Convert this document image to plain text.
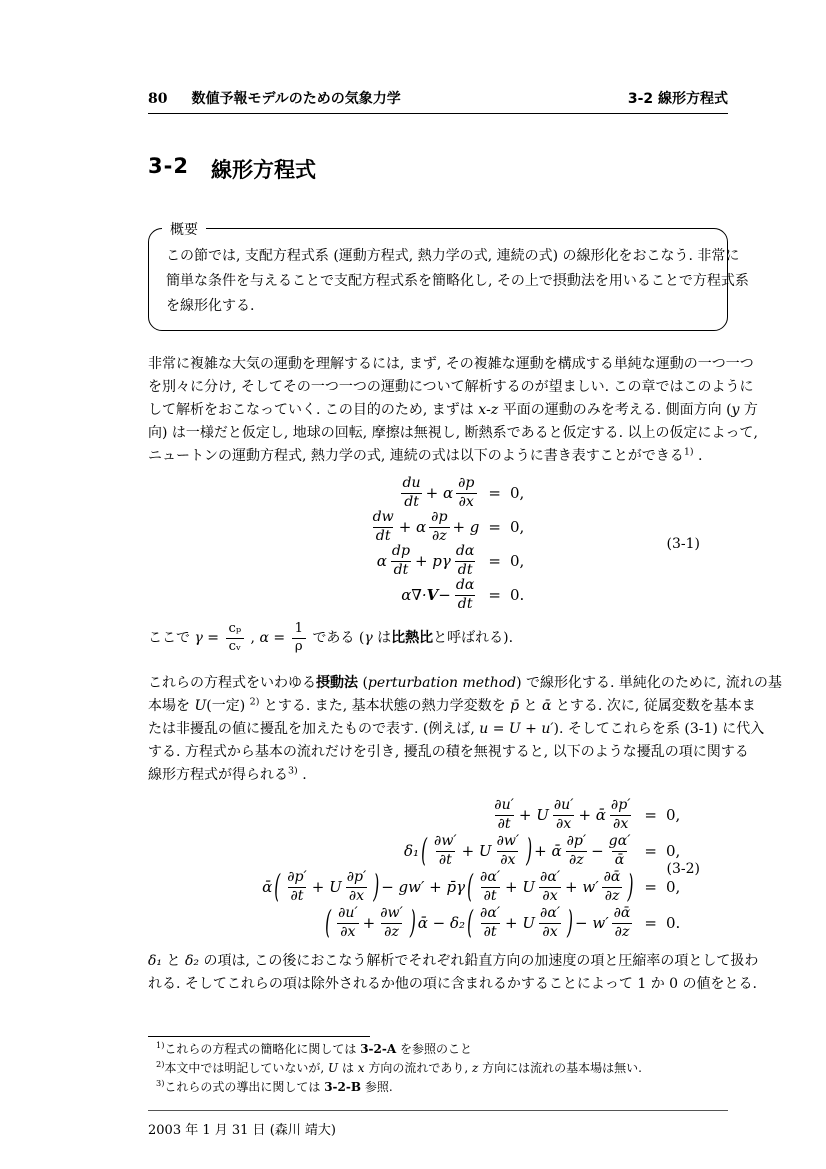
80 数値予報モデルのための気象力学	3-2 線形方程式
3-2 線形方程式
概要
この節では, 支配方程式系 (運動方程式, 熱力学の式, 連続の式) の線形化をおこなう. 非常に
簡単な条件を与えることで支配方程式系を簡略化し, その上で摂動法を用いることで方程式系
を線形化する.
非常に複雑な大気の運動を理解するには, まず, その複雑な運動を構成する単純な運動の一つ一つ
を別々に分け, そしてその一つ一つの運動について解析するのが望ましい. この章ではこのように
して解析をおこなっていく. この目的のため, まずは x-z 平面の運動のみを考える. 側面方向 (y 方
向) は一様だと仮定し, 地球の回転, 摩擦は無視し, 断熱系であると仮定する. 以上の仮定によって,
ニュートンの運動方程式, 熱力学の式, 連続の式は以下のように書き表すことができる$^{1)}$ .
$\frac{du}{dt} + \alpha \frac{\partial p}{\partial x} = 0$,
$\frac{dw}{dt} + \alpha \frac{\partial p}{\partial z} + g = 0$,
α $\frac{dp}{dt} + p\gamma \frac{d\alpha}{dt} = 0$,
$\alpha\nabla\cdot V - \frac{d\alpha}{dt} = 0$.
(3-1)
ここで $\gamma = \frac{\text{cₚ}}{\text{cᵥ}}$ , $\alpha = \frac{1}{\rho}$ である (γ は比熱比と呼ばれる).
これらの方程式をいわゆる摂動法 (perturbation method) で線形化する. 単純化のために, 流れの基
本場を U(一定) $^{2)}$ とする. また, 基本状態の熱力学変数を p̄ と ᾱ とする. 次に, 従属変数を基本ま
たは非擾乱の値に擾乱を加えたもので表す. (例えば, u = U + u′). そしてこれらを系 (3-1) に代入
する. 方程式から基本の流れだけを引き, 擾乱の積を無視すると, 以下のような擾乱の項に関する
線形方程式が得られる$^{3)}$ .
$\frac{\partial u'}{\partial t} + U \frac{\partial u'}{\partial x}$ + ᾱ $\frac{\partial p'}{\partial x} = 0$,
δ₁ ( $\frac{\partial w'}{\partial t} + U \frac{\partial w'}{\partial x}$ ) + ᾱ $\frac{\partial p'}{\partial z} - \frac{g\alpha'}{\text{ᾱ}} = 0$,
ᾱ ( $\frac{\partial p'}{\partial t} + U \frac{\partial p'}{\partial x}$ ) − gw′ + p̄γ ( $\frac{\partial\alpha'}{\partial t} + U \frac{\partial\alpha'}{\partial x} + w' \frac{\text{∂ᾱ}}{\partial z}$ ) = 0,
( $\frac{\partial u'}{\partial x} + \frac{\partial w'}{\partial z}$ ) ᾱ − δ₂ ( $\frac{\partial\alpha'}{\partial t} + U \frac{\partial\alpha'}{\partial x}$ ) − $w' \frac{\text{∂ᾱ}}{\partial z} = 0$.
(3-2)
δ₁ と δ₂ の項は, この後におこなう解析でそれぞれ鉛直方向の加速度の項と圧縮率の項として扱わ
れる. そしてこれらの項は除外されるか他の項に含まれるかすることによって 1 か 0 の値をとる.
$^{1)}$これらの方程式の簡略化に関しては 3-2-A を参照のこと
$^{2)}$本文中では明記していないが, U は x 方向の流れであり, z 方向には流れの基本場は無い.
$^{3)}$これらの式の導出に関しては 3-2-B 参照.
2003 年 1 月 31 日 (森川 靖大)
